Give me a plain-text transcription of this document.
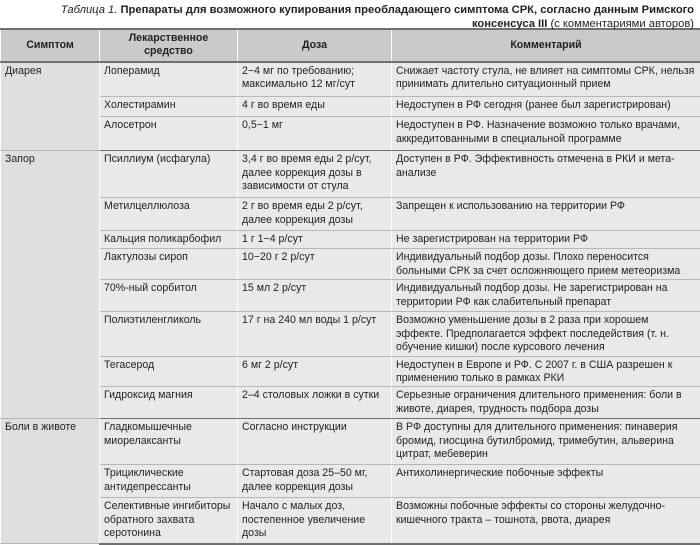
Таблица 1. Препараты для возможного купирования преобладающего симптома СРК, согласно данным Римского консенсуса III (с комментариями авторов)
Симптом	Лекарственное средство	Доза	Комментарий
Диарея	Лоперамид	2−4 мг по требованию; максимально 12 мг/сут	Снижает частоту стула, не влияет на симптомы СРК, нельзя принимать длительно ситуационный прием
	Холестирамин	4 г во время еды	Недоступен в РФ сегодня (ранее был зарегистрирован)
	Алосетрон	0,5−1 мг	Недоступен в РФ. Назначение возможно только врачами, аккредитованными в специальной программе
Запор	Псиллиум (исфагула)	3,4 г во время еды 2 р/сут, далее коррекция дозы в зависимости от стула	Доступен в РФ. Эффективность отмечена в РКИ и мета-анализе
	Метилцеллюлоза	2 г во время еды 2 р/сут, далее коррекция дозы	Запрещен к использованию на территории РФ
	Кальция поликарбофил	1 г 1−4 р/сут	Не зарегистрирован на территории РФ
	Лактулозы сироп	10−20 г 2 р/сут	Индивидуальный подбор дозы. Плохо переносится больными СРК за счет осложняющего прием метеоризма
	70%-ный сорбитол	15 мл 2 р/сут	Индивидуальный подбор дозы. Не зарегистрирован на территории РФ как слабительный препарат
	Полиэтиленгликоль	17 г на 240 мл воды 1 р/сут	Возможно уменьшение дозы в 2 раза при хорошем эффекте. Предполагается эффект последействия (т. н. обучение кишки) после курсового лечения
	Тегасерод	6 мг 2 р/сут	Недоступен в Европе и РФ. С 2007 г. в США разрешен к применению только в рамках РКИ
	Гидроксид магния	2–4 столовых ложки в сутки	Серьезные ограничения длительного применения: боли в животе, диарея, трудность подбора дозы
Боли в животе	Гладкомышечные миорелаксанты	Согласно инструкции	В РФ доступны для длительного применения: пинаверия бромид, гиосцина бутилбромид, тримебутин, альверина цитрат, мебеверин
	Трициклические антидепрессанты	Стартовая доза 25–50 мг, далее коррекция дозы	Антихолинергические побочные эффекты
	Селективные ингибиторы обратного захвата серотонина	Начало с малых доз, постепенное увеличение дозы	Возможны побочные эффекты со стороны желудочно-кишечного тракта – тошнота, рвота, диарея
